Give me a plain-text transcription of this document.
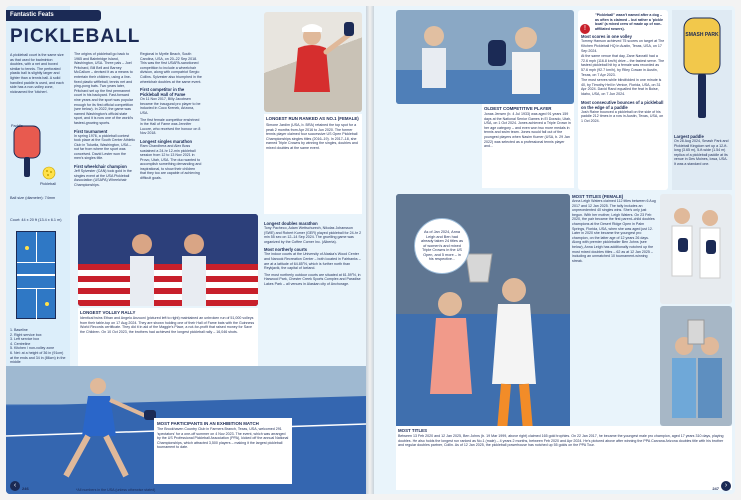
Fantastic Feats
PICKLEBALL
A pickleball court is the same size as that used for badminton doubles, with a net and boxed similar to tennis. The perforated plastic ball is slightly larger and lighter than a tennis ball. A solid handled paddle is used, and each side has a non-volley zone, nicknamed the 'kitchen'.
Paddle
Pickleball
Ball size (diameter): 74mm
Court: 44 x 20 ft (13.4 x 6.1 m)
1. Baseline
2. Right service box
3. Left service box
4. Centreline
5. Kitchen / non-volley zone
6. Net: at a height of 36 in (91cm) at the ends and 34 in (86cm) in the middle
The origins of pickleball go back to 1965 and Bainbridge Island, Washington, USA. Three pals – Joel Pritchard, Bill Bell and Barney McCallum – devised it as a means to entertain their children, using a line-fixed plastic wiffleball, tennis net and ping-pong bats. Two years later, Pritchard set up the first permanent court in his backyard. Fast-forward nine years and the sport was popular enough for its first official competition (see below). In 2022, the game was named Washington's official state sport, and it is now one of the world's fastest-growing sports.
First tournament
In spring 1976, a pickleball contest took place at the South Center Athletic Club in Tukwila, Washington, USA – not far from where the sport was conceived. David Lester won the men's singles title.
First wheelchair champion
Jeff Sylvester (CAN) took gold in the singles event at the USA Pickleball Association (USAPA) Wheelchair Championships.
Regional in Myrtle Beach, South Carolina, USA, on 20–22 Sep 2018. This was the first USAPA-sanctioned competition to include a wheelchair division, along with compatriot Sergio Collins. Sylvester also triumphed in the wheelchair doubles at the same event.
First competitor in the Pickleball Hall of Fame
On 11 Nov 2017, Billy Jacobsen became the inaugural pro player to be inducted in Coco Krenek, Arizona, USA.
The first female competitor enshrined in the Hall of Fame was Jennifer Lucore, who received the honour on 8 Nov 2018.
Longest singles marathon
Ram Chandhera and Alex Boss sustained a 24-hr 12-min pickleball session from 12 to 13 Nov 2021 in Provo, Utah, USA. The duo wanted to accomplish something demanding and inspirational, to show their children that they too are capable of achieving difficult goals.
LONGEST RUN RANKED AS NO.1 (FEMALE)
Simone Jardim (USA, b. BRA) retained the top spot for a peak 2 months from Apr 2016 to Jun 2020. The former tennis player claimed four successive US Open Pickleball Championships singles titles (2016–19). In 2017–18, she earned Triple Crowns by winning the singles, doubles and mixed doubles at the same event.
Longest doubles marathon
Tony Pacheco, Adam Wettschurech, Nikolas Johansson (SWE) and Robert Kumer (GER) played pickleball for 24-hr 2 min 55 sec on 12–14 Sep 2024. The gruelling game was organized by the Coffee Corner Inc. (Alberta).
Most northerly courts
The indoor courts at the University of Alaska's Wood Center and Nanook Recreation Center – both located in Fairbanks – are at a latitude of 64.85°N, which is further north than Reykjavik, the capital of Iceland.
The most northerly outdoor courts are situated at 61.59°N, in Harwood Park, Chester Creek Sports Complex and Paradise Lakes Park – all venues in Alaskan city of Anchorage.
LONGEST VOLLEY RALLY
Identical twins Ethan and Angelo Anzuoni (pictured left to right) maintained an unbroken run of 51,000 volleys from their table-top on 17 Aug 2024. They are shown holding one of their Hall of Fame bats with the Guinness World Records certificate. They did it in aid of the Maggie's Place, a not-for-profit that raised money for Save the Children. On 10 Oct 2023, the brothers had achieved the longest pickleball rally – 16,046 shots.
MOST PARTICIPANTS IN AN EXHIBITION MATCH
The Brookhaven Country Club in Farmers Branch, Texas, USA, welcomed 291 'spectators' for a one-off summer on 4 Nov 2023. The event, which was arranged by the US Professional Pickleball Association (PPA), kicked off the annual National Championships, which attracted 3,500 players – making it the largest pickleball tournament to date.
‹	246	*All numbers in the USA (unless otherwise stated)
OLDEST COMPETITIVE PLAYER
Jonas Jensen (b. 4 Jul 1933) was aged 91 years 159 days at the National Senior Games in El Dorado, Utah, USA, on 1 Oct 2024. Jones achieved a Triple Crown in her age category – and even won two more medals in tennis and swim team. Jones would fall out of the youngest players when Nasim Kumer (USA, b. 29 Jan 2022) was selected as a professional tennis player and...
!
"Pickleball" wasn't named after a dog – as often is claimed – but rather a 'pickle boat' (a mixed crew of made up of non-affiliated rowers).
Most scores in one volley
Tommy Hanson achieved 75 scores on target at The Kitchen Pickleball HQ in Austin, Texas, USA, on 17 Sep 2024.
At the same venue that day, Zane Navratil had a 72.6 mph (116.8 km/h) drive – the fastest serve. The fastest pickleball hit by a female was recorded as 57.6 mph (92.7 km/h), by Riley Cowan in Austin, Texas, on 7 Apr 2023.
The most serves while blindfolded in one minute is 40, by Timothy Heil in Venice, Florida, USA, on 31 Apr 2024. David Rand equalled the feat in Boise, Idaho, USA, on 7 Jun 2024.
Most consecutive bounces of a pickleball on the edge of a paddle
Josh Raine bounced a pickleball on the side of his paddle 212 times in a row in Austin, Texas, USA, on 1 Oct 2024.
SMASH PARK
Largest paddle
On 28 Aug 2024, Smash Park and Pickleball Kingdom set up a 12-ft-long (3.65 m), 5-ft-wide (1.54 m) replica of a pickleball paddle at its venue in Des Moines, Iowa, USA. It was a standard one.
As of Jan 2024, Anna Leigh and Ben had already taken 24 titles as of women's and mixed Triple Crowns in the US Open, and 5 more – in his respective...
MOST TITLES (FEMALE)
Anna Leigh Waters claimed 112 titles between 6 Aug 2017 and 12 Jan 2025. The tally includes an unprecedented 40 singles wins. She's only just begun. With her mother, Leigh Waters. On 23 Feb 2020, the pair became the first parent–child doubles champions at the Desert Ridge Open in Palm Springs, Florida, USA, when she was aged just 12. Later in 2020 she became the youngest pro champion, on the latter age of 12 years 26 days. Along with premier pickleballer Ben Johns (see below), Anna Leigh has additionally notched up the most mixed doubles titles – 62 as at 12 Jan 2025 – including an unmatched 10 tournament-winning streak.
MOST TITLES
Between 13 Feb 2020 and 12 Jan 2025, Ben Johns (b. 19 Mar 1999, above right) claimed 165 gold trophies. On 22 Jan 2017, he became the youngest male pro champion, aged 17 years 310 days, playing doubles. He also holds the longest run ranked as No.1 (male) – 4 years 2 months, between Feb 2020 and Apr 2024. He's pictured above after winning the PPA Carvana Arizona doubles title with his brother and regular doubles partner, Collin. As of 12 Jan 2025, the pickleball powerhouse has notched up 55 golds on the PPA Tour.
247 ›
